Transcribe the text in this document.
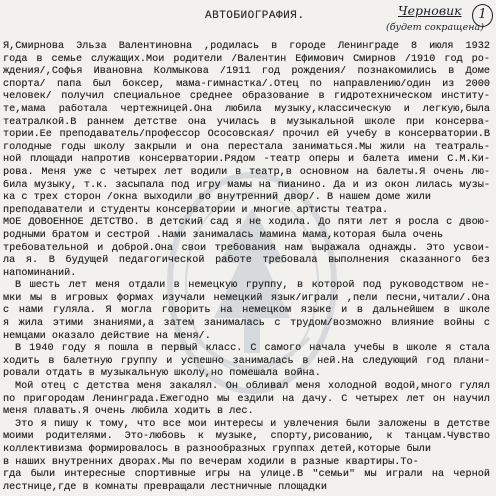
АВТОБИОГРАФИЯ.	Черновик
(будет сокращена)
1
Я,Смирнова Эльза Валентиновна ,родилась в городе Ленинграде 8 июля 1932
года в семье служащих.Мои родители /Валентин Ефимович Смирнов /1910 год ро-
ждения/,Софья Ивановна Колмыкова /1911 год рождения/ познакомились в Доме
спорта/ папа был боксер, мама-гимнастка/.Отец по направлению/один из 2000
человек/ получил специальное среднее образование в гидротехническом институ-
те,мама работала чертежницей.Она любила музыку,классическую и легкую,была
театралкой.В раннем детстве она училась в музыкальной школе при консерва-
тории.Ее преподаватель/профессор Ососовская/ прочил ей учебу в консерватории.В
голодные годы школу закрыли и она перестала заниматься.Мы жили на театраль-
ной площади напротив консерватории.Рядом -театр оперы и балета имени С.М.Ки-
рова. Меня уже с четырех лет водили в театр,в основном на балеты.Я очень лю-
била музыку, т.к. засыпала под игру мамы на пианино. Да и из окон лилась музы-
ка с трех сторон /окна выходили во внутренний двор/. В нашем доме жили
преподаватели и студенты консерватории и многие артисты театра.
МОЕ ДОВОЕННОЕ ДЕТСТВО. В детский сад я не ходила. До пяти лет я росла с двою-
родными братом и сестрой .Нами занималась мамина мама,которая была очень
требовательной и доброй.Она свои требования нам выражала однажды. Это усвои-
ла я. В будущей педагогической работе требовала выполнения сказанного без
напоминаний.
В шесть лет меня отдали в немецкую группу, в которой под руководством не-
мки мы в игровых формах изучали немецкий язык/играли ,пели песни,читали/.Она
с нами гуляла. Я могла говорить на немецком языке и в дальнейшем в школе
я жила этими знаниями,а затем занималась с трудом/возможно влияние войны с
немцами оказало действие на меня/.
В 1940 году я пошла в первый класс. С самого начала учебы в школе я стала
ходить в балетную группу и успешно занималась в ней.На следующий год плани-
ровали отдать в музыкальную школу,но помешала война.
Мой отец с детства меня закалял. Он обливал меня холодной водой,много гулял
по пригородам Ленинграда.Ежегодно мы ездили на дачу. С четырех лет он научил
меня плавать.Я очень любила ходить в лес.
Это я пишу к тому, что все мои интересы и увлечения были заложены в детстве
моими родителями. Это-любовь к музыке, спорту,рисованию, к танцам.Чувство
коллективизма формировалось в разнообразных группах детей,которые были
в наших внутренних дворах.Мы по вечерам ходили в разные квартиры.То-
гда были интересные спортивные игры на улице.В "семьи" мы играли на черной
лестнице,где в комнаты превращали лестничные площадки
